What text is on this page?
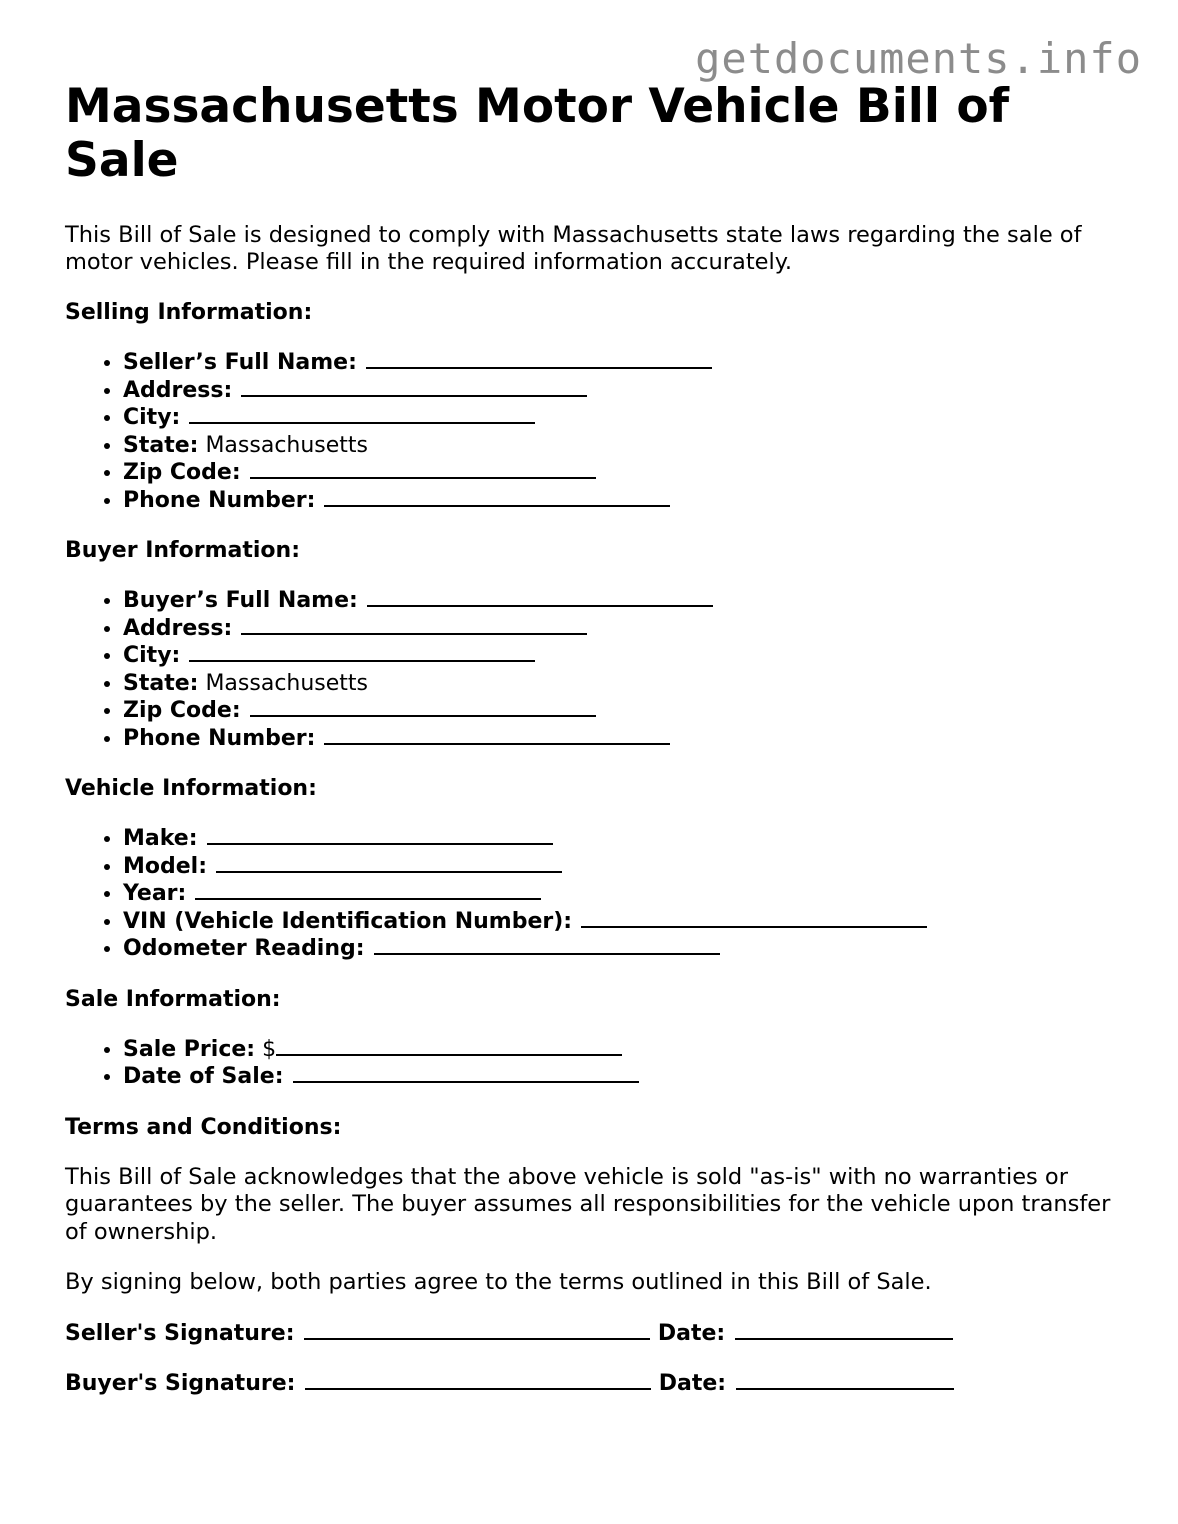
getdocuments.info
Massachusetts Motor Vehicle Bill of Sale

This Bill of Sale is designed to comply with Massachusetts state laws regarding the sale of motor vehicles. Please fill in the required information accurately.

Selling Information:

• Seller’s Full Name:
• Address:
• City:
• State: Massachusetts
• Zip Code:
• Phone Number:

Buyer Information:

• Buyer’s Full Name:
• Address:
• City:
• State: Massachusetts
• Zip Code:
• Phone Number:

Vehicle Information:

• Make:
• Model:
• Year:
• VIN (Vehicle Identification Number):
• Odometer Reading:

Sale Information:

• Sale Price: $
• Date of Sale:

Terms and Conditions:

This Bill of Sale acknowledges that the above vehicle is sold "as-is" with no warranties or guarantees by the seller. The buyer assumes all responsibilities for the vehicle upon transfer of ownership.

By signing below, both parties agree to the terms outlined in this Bill of Sale.

Seller's Signature:	Date:

Buyer's Signature:	Date:
